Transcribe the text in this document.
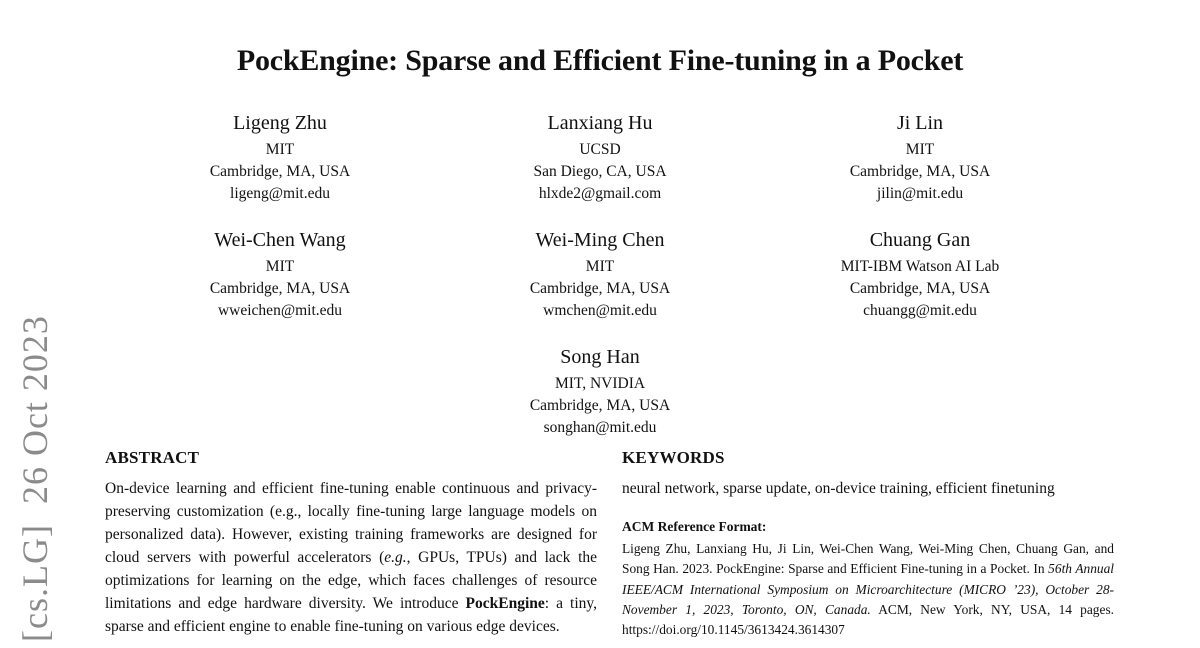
[cs.LG]  26 Oct 2023
PockEngine: Sparse and Efficient Fine-tuning in a Pocket
Ligeng Zhu
MIT
Cambridge, MA, USA
ligeng@mit.edu
Lanxiang Hu
UCSD
San Diego, CA, USA
hlxde2@gmail.com
Ji Lin
MIT
Cambridge, MA, USA
jilin@mit.edu
Wei-Chen Wang
MIT
Cambridge, MA, USA
wweichen@mit.edu
Wei-Ming Chen
MIT
Cambridge, MA, USA
wmchen@mit.edu
Chuang Gan
MIT-IBM Watson AI Lab
Cambridge, MA, USA
chuangg@mit.edu
Song Han
MIT, NVIDIA
Cambridge, MA, USA
songhan@mit.edu
ABSTRACT

On-device learning and efficient fine-tuning enable continuous and privacy-preserving customization (e.g., locally fine-tuning large language models on personalized data). However, existing training frameworks are designed for cloud servers with powerful accelerators (e.g., GPUs, TPUs) and lack the optimizations for learning on the edge, which faces challenges of resource limitations and edge hardware diversity. We introduce PockEngine: a tiny, sparse and efficient engine to enable fine-tuning on various edge devices.

KEYWORDS

neural network, sparse update, on-device training, efficient finetuning

ACM Reference Format:

Ligeng Zhu, Lanxiang Hu, Ji Lin, Wei-Chen Wang, Wei-Ming Chen, Chuang Gan, and Song Han. 2023. PockEngine: Sparse and Efficient Fine-tuning in a Pocket. In 56th Annual IEEE/ACM International Symposium on Microarchitecture (MICRO ’23), October 28-November 1, 2023, Toronto, ON, Canada. ACM, New York, NY, USA, 14 pages. https://doi.org/10.1145/3613424.3614307
